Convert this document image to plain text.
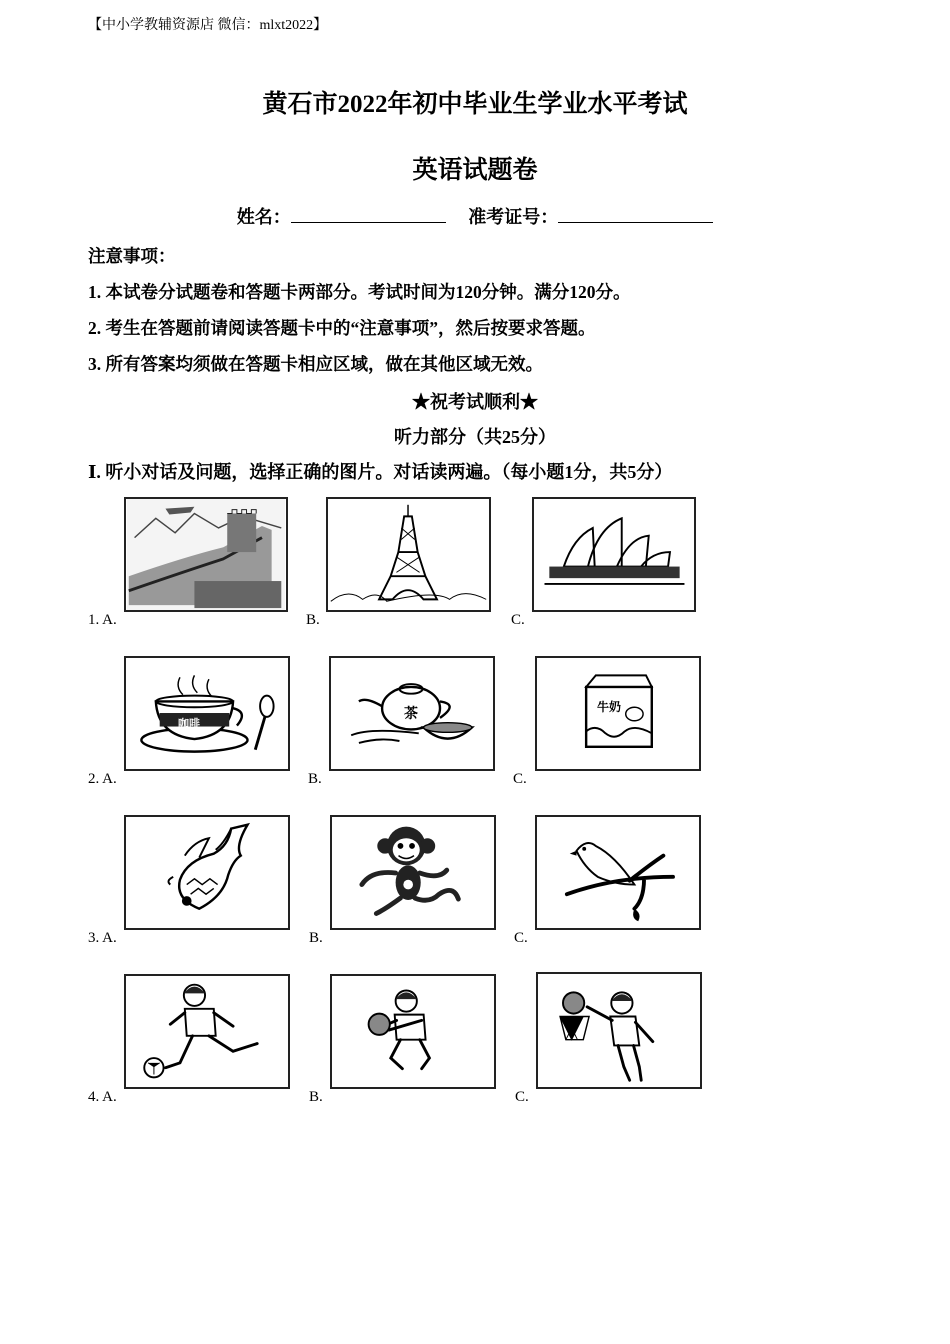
【中小学教辅资源店 微信：mlxt2022】
黄石市2022年初中毕业生学业水平考试
英语试题卷
姓名：	准考证号：
注意事项：
1. 本试卷分试题卷和答题卡两部分。考试时间为120分钟。满分120分。
2. 考生在答题前请阅读答题卡中的“注意事项”，然后按要求答题。
3. 所有答案均须做在答题卡相应区域，做在其他区域无效。
★祝考试顺利★
听力部分（共25分）
Ⅰ. 听小对话及问题，选择正确的图片。对话读两遍。（每小题1分，共5分）
1. A.	B.	C.
咖啡
茶	牛奶
2. A.	B.	C.
3. A.	B.	C.
4. A.	B.	C.
